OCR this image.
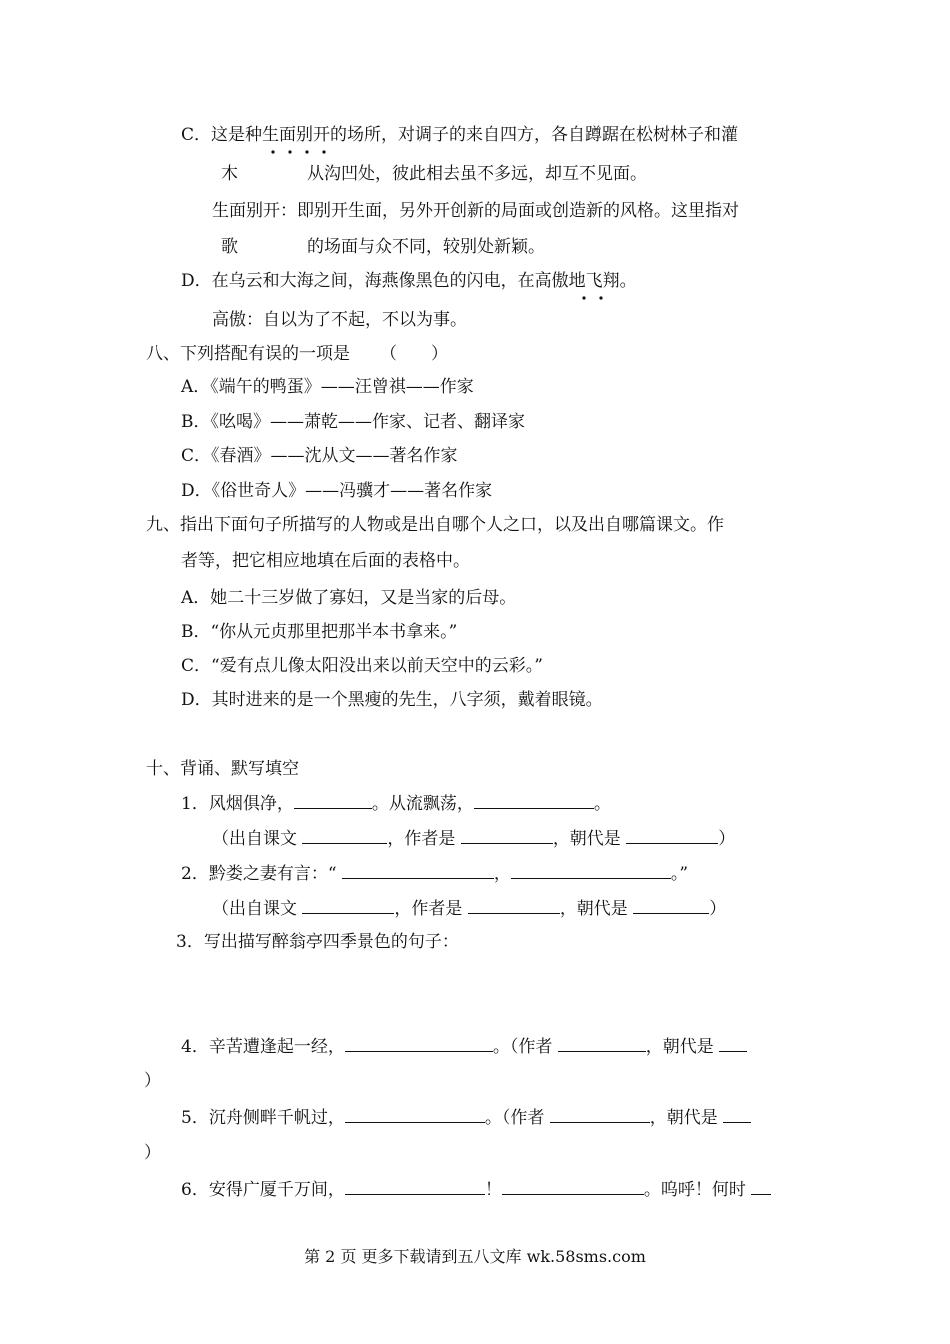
C．这是种生面别开的场所，对调子的来自四方，各自蹲踞在松树林子和灌
木	从沟凹处，彼此相去虽不多远，却互不见面。
生面别开：即别开生面，另外开创新的局面或创造新的风格。这里指对
歌	的场面与众不同，较别处新颖。
D．在乌云和大海之间，海燕像黑色的闪电，在高傲地飞翔。
高傲：自以为了不起，不以为事。
八、下列搭配有误的一项是 （　　）
A．《端午的鸭蛋》——汪曾祺——作家
B．《吆喝》——萧乾——作家、记者、翻译家
C．《春酒》——沈从文——著名作家
D．《俗世奇人》——冯骥才——著名作家
九、指出下面句子所描写的人物或是出自哪个人之口，以及出自哪篇课文。作
者等，把它相应地填在后面的表格中。
A．她二十三岁做了寡妇，又是当家的后母。
B．“你从元贞那里把那半本书拿来。”
C．“爱有点儿像太阳没出来以前天空中的云彩。”
D．其时进来的是一个黑瘦的先生，八字须，戴着眼镜。
十、背诵、默写填空
1．风烟俱净，	。从流飘荡，	。
（出自课文	，作者是	，朝代是	）
2．黔娄之妻有言：“	，	。”
（出自课文	，作者是	，朝代是	）
3．写出描写醉翁亭四季景色的句子：
4．辛苦遭逢起一经，	。（作者	，朝代是
）
5．沉舟侧畔千帆过，	。（作者	，朝代是
）
6．安得广厦千万间，	！	。呜呼！何时
第 2 页 更多下载请到五八文库 wk.58sms.com
